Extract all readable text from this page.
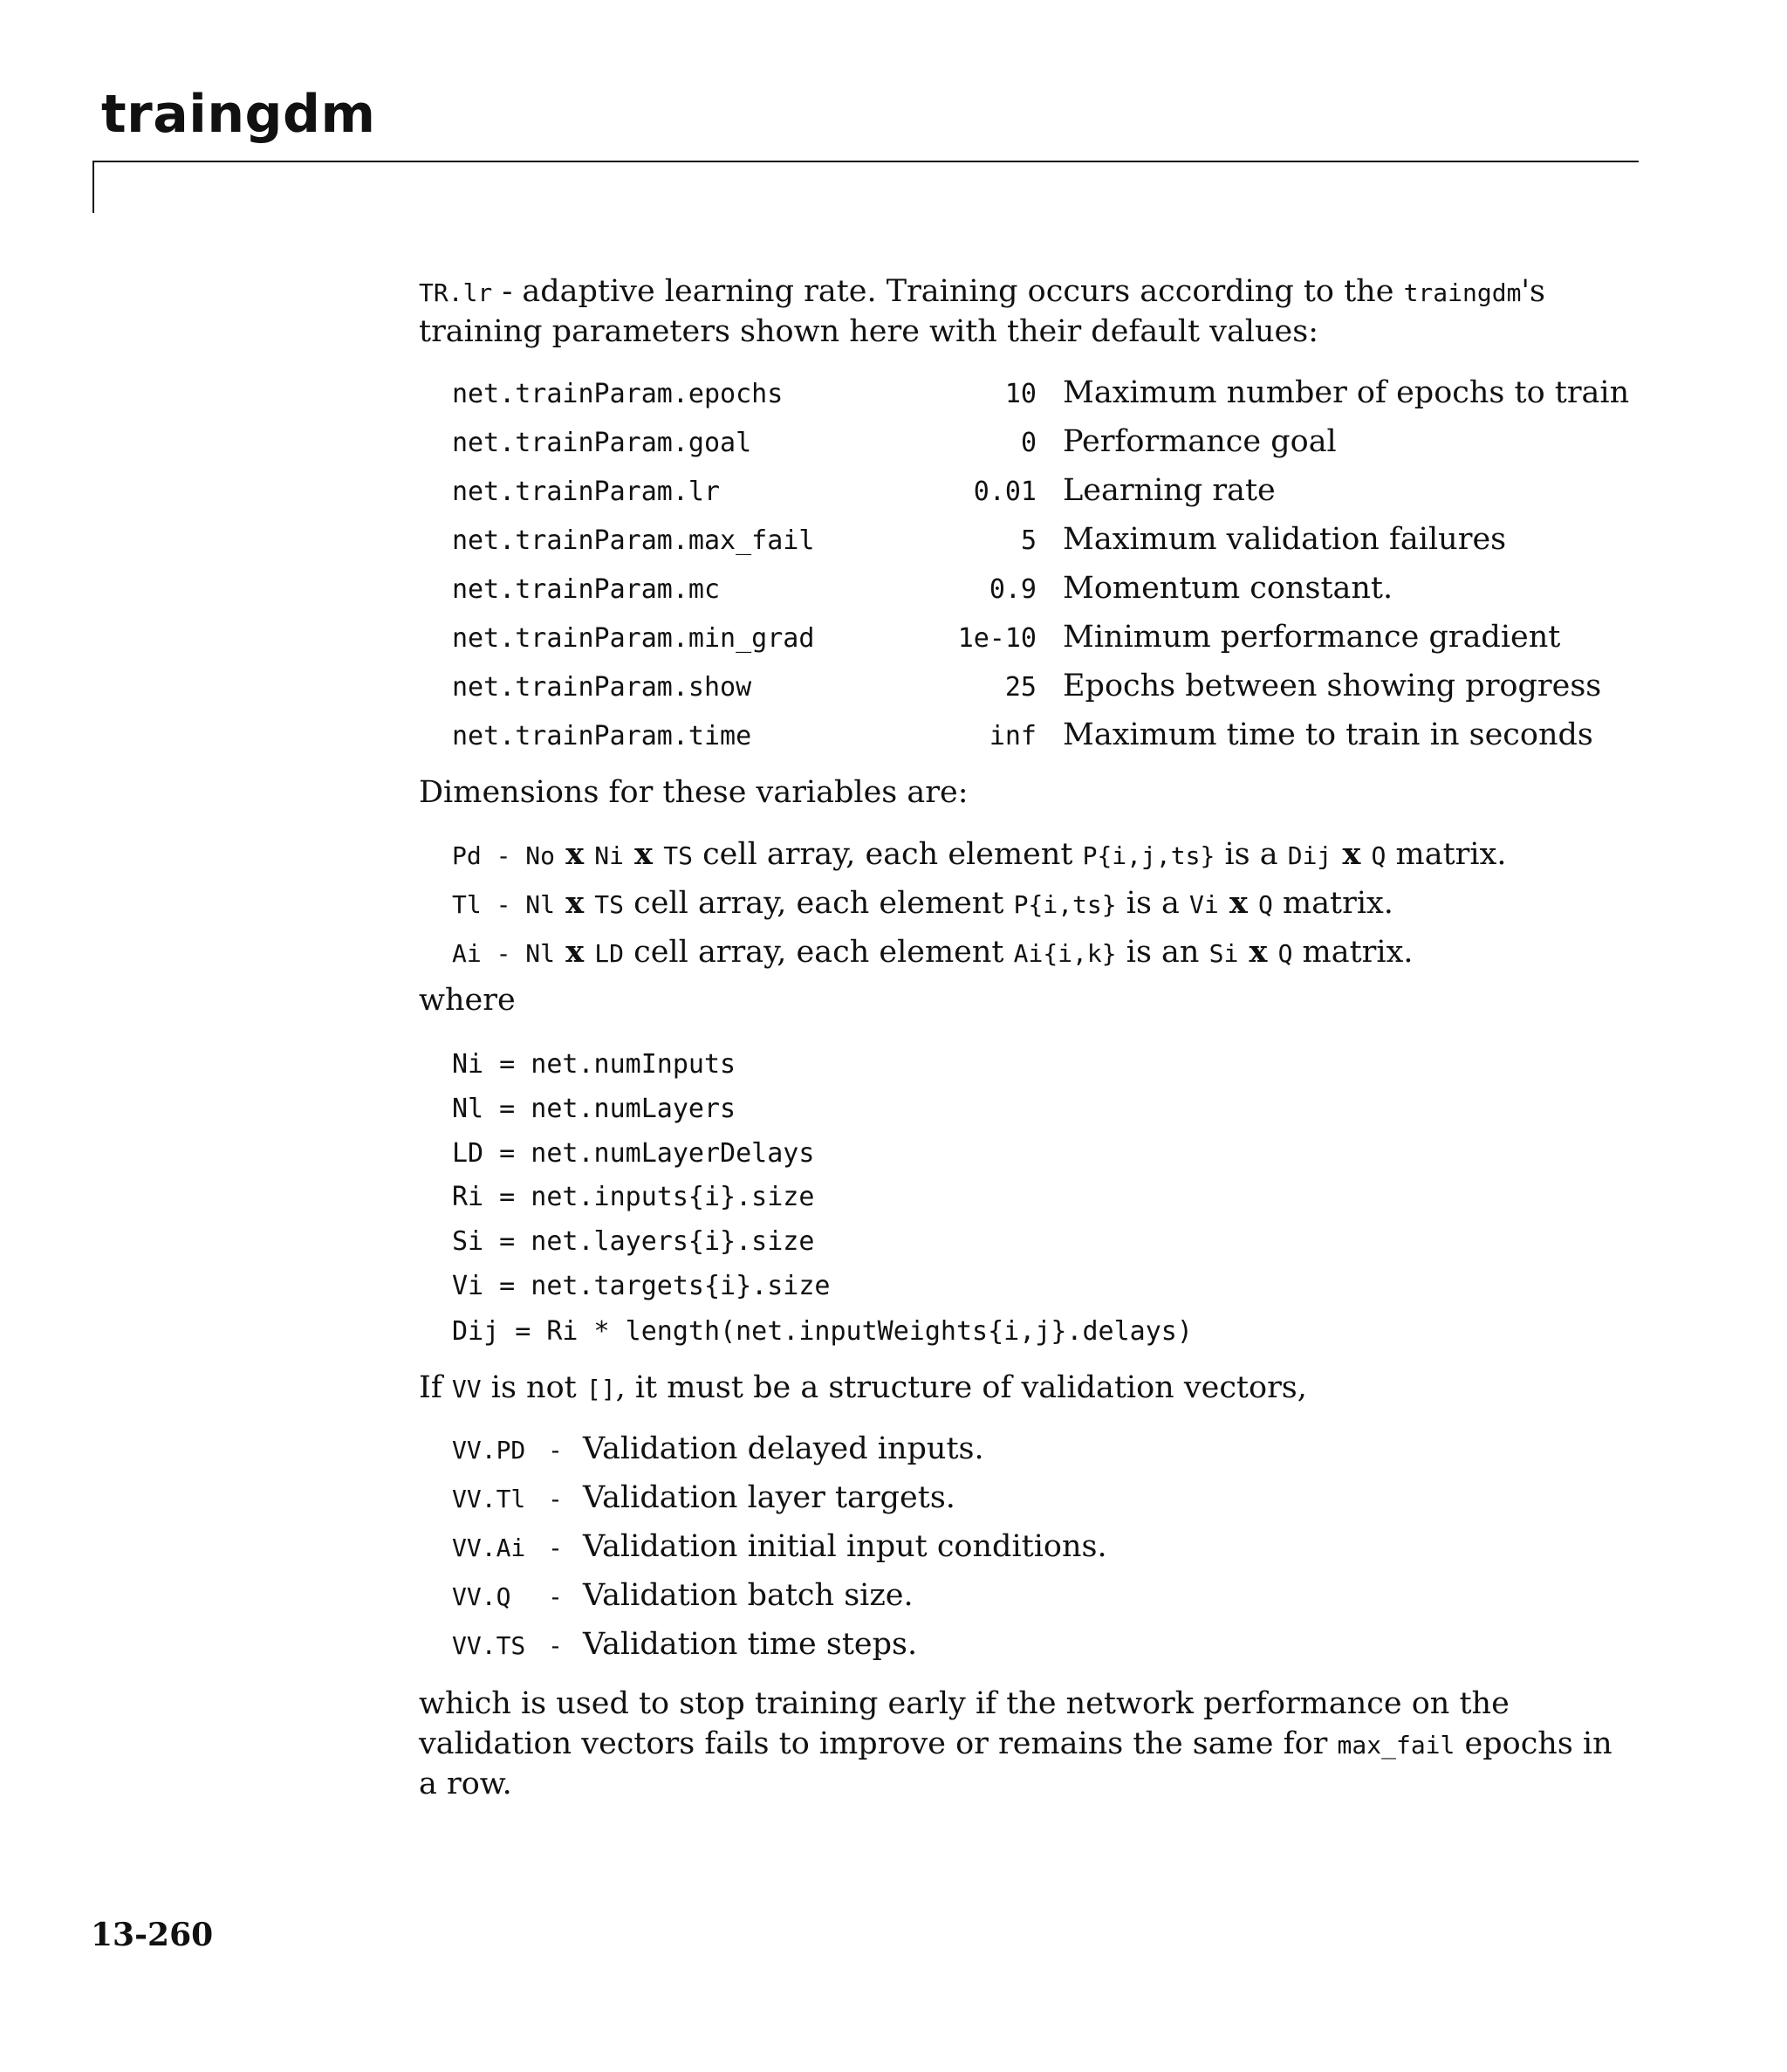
traingdm
TR.lr - adaptive learning rate. Training occurs according to the traingdm's
training parameters shown here with their default values:
net.trainParam.epochs	10 Maximum number of epochs to train
net.trainParam.goal	0 Performance goal
net.trainParam.lr	0.01 Learning rate
net.trainParam.max_fail	5 Maximum validation failures
net.trainParam.mc	0.9 Momentum constant.
net.trainParam.min_grad	1e-10 Minimum performance gradient
net.trainParam.show	25 Epochs between showing progress
net.trainParam.time	inf Maximum time to train in seconds
Dimensions for these variables are:
Pd - No x Ni x TS cell array, each element P{i,j,ts} is a Dij x Q matrix.
Tl - Nl x TS cell array, each element P{i,ts} is a Vi x Q matrix.
Ai - Nl x LD cell array, each element Ai{i,k} is an Si x Q matrix.
where
Ni = net.numInputs
Nl = net.numLayers
LD = net.numLayerDelays
Ri = net.inputs{i}.size
Si = net.layers{i}.size
Vi = net.targets{i}.size
Dij = Ri * length(net.inputWeights{i,j}.delays)
If VV is not [], it must be a structure of validation vectors,
VV.PD - Validation delayed inputs.
VV.Tl - Validation layer targets.
VV.Ai - Validation initial input conditions.
VV.Q - Validation batch size.
VV.TS - Validation time steps.
which is used to stop training early if the network performance on the
validation vectors fails to improve or remains the same for max_fail epochs in
a row.
13-260
